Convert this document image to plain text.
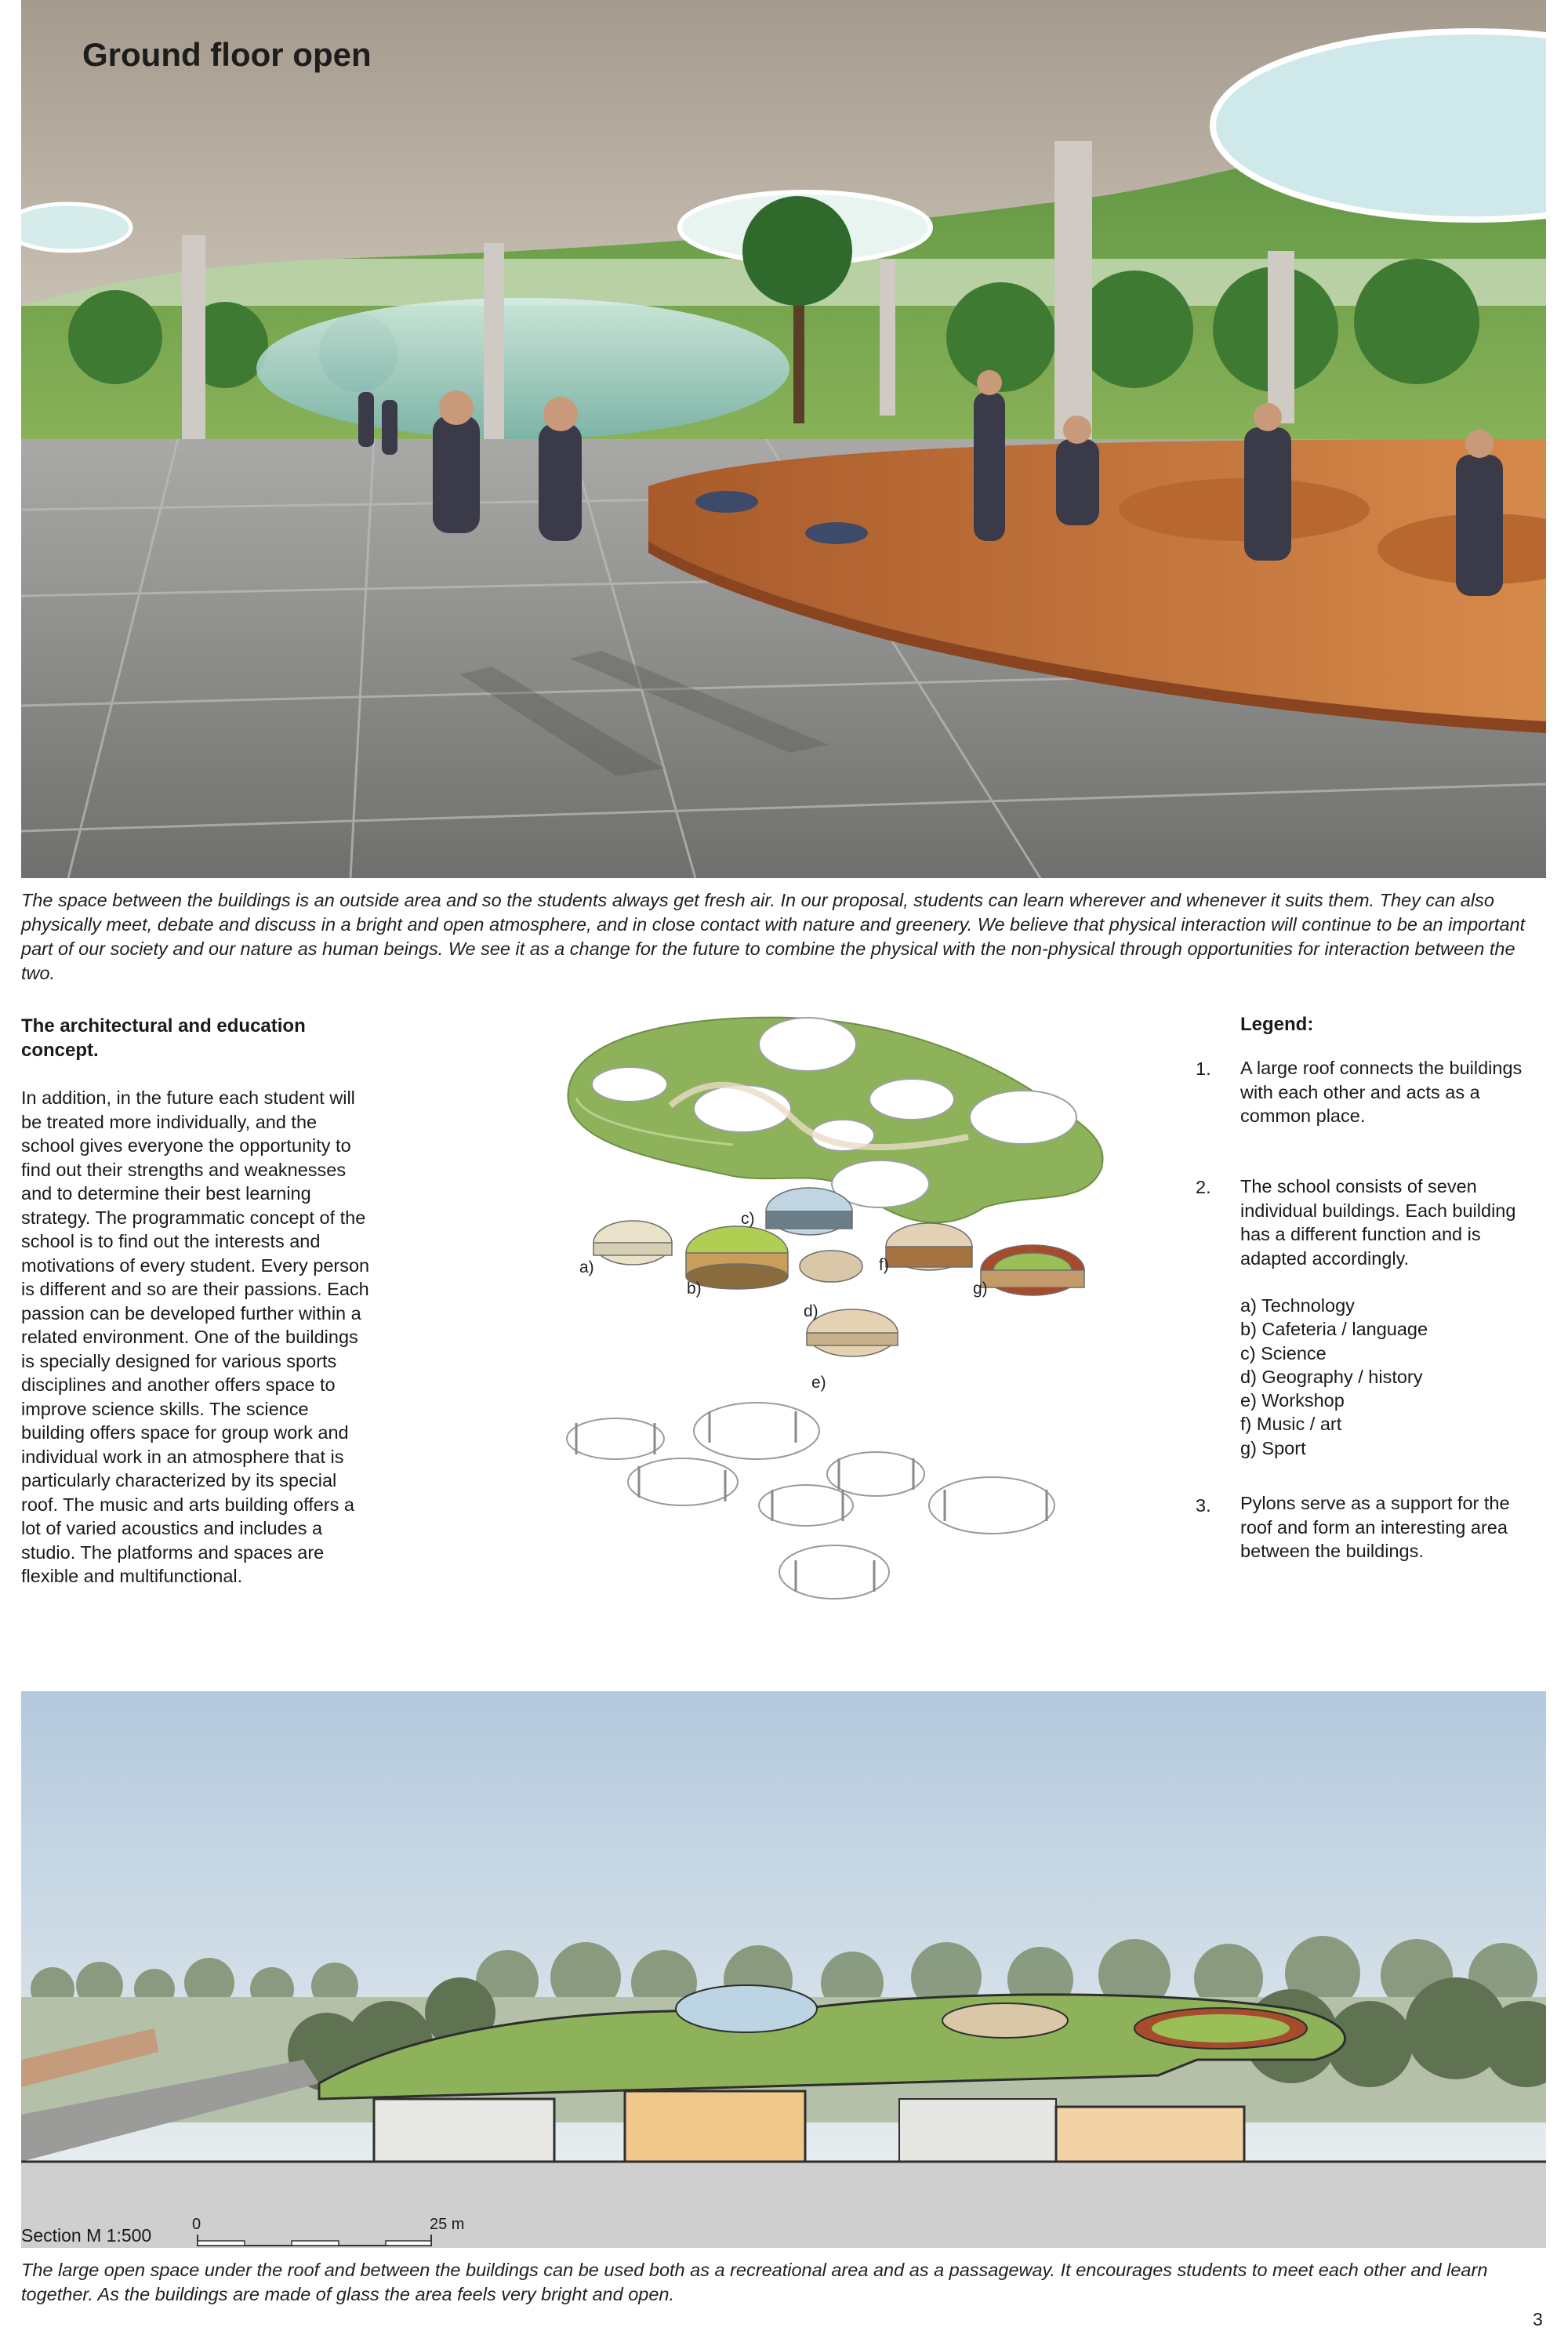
Ground floor open
The space between the buildings is an outside area and so the students always get fresh air. In our proposal, students can learn wherever and whenever it suits them. They can also physically meet, debate and discuss in a bright and open atmosphere, and in close contact with nature and greenery. We believe that physical interaction will continue to be an important part of our society and our nature as human beings. We see it as a change for the future to combine the physical with the non-physical through opportunities for interaction between the two.
The architectural and education concept.
In addition, in the future each student will be treated more individually, and the school gives everyone the opportunity to find out their strengths and weaknesses and to determine their best learning strategy. The programmatic concept of the school is to find out the interests and motivations of every student. Every person is different and so are their passions. Each passion can be developed further within a related environment. One of the buildings is specially designed for various sports disciplines and another offers space to improve science skills. The science building offers space for group work and individual work in an atmosphere that is particularly characterized by its special roof. The music and arts building offers a lot of varied acoustics and includes a studio. The platforms and spaces are flexible and multifunctional.
a)
b)
c)
d)
e)
f)
g)
Legend:
1. A large roof connects the buildings with each other and acts as a common place.
2. The school consists of seven individual buildings. Each building has a different function and is adapted accordingly.
a) Technology
b) Cafeteria / language
c) Science
d) Geography / history
e) Workshop
f) Music / art
g) Sport
3. Pylons serve as a support for the roof and form an interesting area between the buildings.
Section M 1:500
0	25 m
The large open space under the roof and between the buildings can be used both as a recreational area and as a passageway. It encourages students to meet each other and learn together. As the buildings are made of glass the area feels very bright and open.
3
